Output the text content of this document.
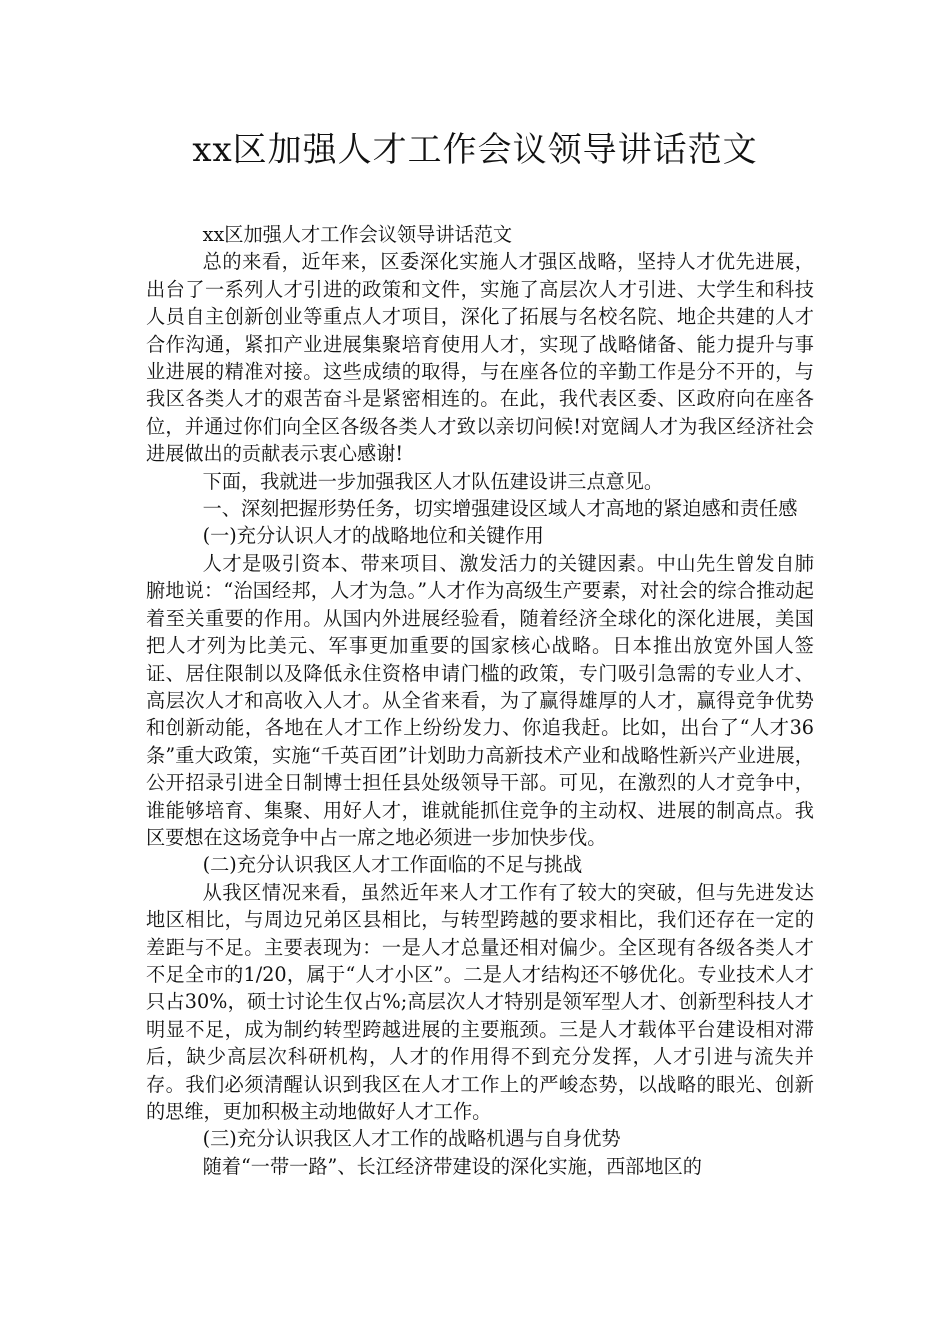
xx区加强人才工作会议领导讲话范文

xx区加强人才工作会议领导讲话范文

总的来看，近年来，区委深化实施人才强区战略，坚持人才优先进展，出台了一系列人才引进的政策和文件，实施了高层次人才引进、大学生和科技人员自主创新创业等重点人才项目，深化了拓展与名校名院、地企共建的人才合作沟通，紧扣产业进展集聚培育使用人才，实现了战略储备、能力提升与事业进展的精准对接。这些成绩的取得，与在座各位的辛勤工作是分不开的，与我区各类人才的艰苦奋斗是紧密相连的。在此，我代表区委、区政府向在座各位，并通过你们向全区各级各类人才致以亲切问候!对宽阔人才为我区经济社会进展做出的贡献表示衷心感谢!

下面，我就进一步加强我区人才队伍建设讲三点意见。

一、深刻把握形势任务，切实增强建设区域人才高地的紧迫感和责任感

(一)充分认识人才的战略地位和关键作用

人才是吸引资本、带来项目、激发活力的关键因素。中山先生曾发自肺腑地说：“治国经邦，人才为急。”人才作为高级生产要素，对社会的综合推动起着至关重要的作用。从国内外进展经验看，随着经济全球化的深化进展，美国把人才列为比美元、军事更加重要的国家核心战略。日本推出放宽外国人签证、居住限制以及降低永住资格申请门槛的政策，专门吸引急需的专业人才、高层次人才和高收入人才。从全省来看，为了赢得雄厚的人才，赢得竞争优势和创新动能，各地在人才工作上纷纷发力、你追我赶。比如，出台了“人才36条”重大政策，实施“千英百团”计划助力高新技术产业和战略性新兴产业进展，公开招录引进全日制博士担任县处级领导干部。可见，在激烈的人才竞争中，谁能够培育、集聚、用好人才，谁就能抓住竞争的主动权、进展的制高点。我区要想在这场竞争中占一席之地必须进一步加快步伐。

(二)充分认识我区人才工作面临的不足与挑战

从我区情况来看，虽然近年来人才工作有了较大的突破，但与先进发达地区相比，与周边兄弟区县相比，与转型跨越的要求相比，我们还存在一定的差距与不足。主要表现为：一是人才总量还相对偏少。全区现有各级各类人才不足全市的1/20，属于“人才小区”。二是人才结构还不够优化。专业技术人才只占30%，硕士讨论生仅占%;高层次人才特别是领军型人才、创新型科技人才明显不足，成为制约转型跨越进展的主要瓶颈。三是人才载体平台建设相对滞后，缺少高层次科研机构，人才的作用得不到充分发挥，人才引进与流失并存。我们必须清醒认识到我区在人才工作上的严峻态势，以战略的眼光、创新的思维，更加积极主动地做好人才工作。

(三)充分认识我区人才工作的战略机遇与自身优势

随着“一带一路”、长江经济带建设的深化实施，西部地区的
